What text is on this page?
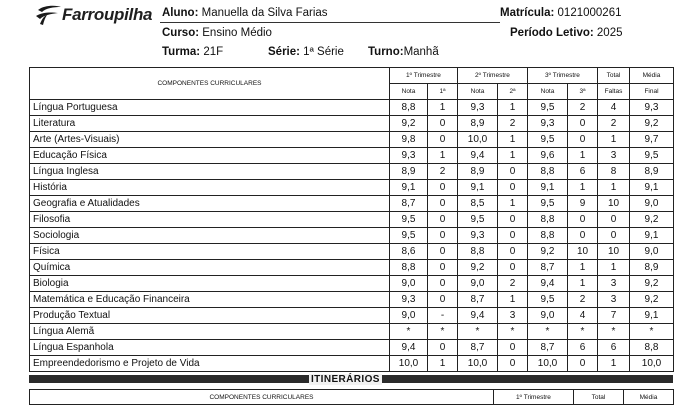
Farroupilha Aluno: Manuella da Silva Farias	Matrícula: 0121000261
Curso: Ensino Médio	Período Letivo: 2025
Turma: 21F	Série: 1ª Série Turno:Manhã
COMPONENTES CURRICULARES	1º Trimestre		2º Trimestre		3º Trimestre		Total	Média
	Nota	1ª	Nota	2ª	Nota	3ª	Faltas	Final
Língua Portuguesa	8,8	1	9,3	1	9,5	2	4	9,3
Literatura	9,2	0	8,9	2	9,3	0	2	9,2
Arte (Artes-Visuais)	9,8	0	10,0	1	9,5	0	1	9,7
Educação Física	9,3	1	9,4	1	9,6	1	3	9,5
Língua Inglesa	8,9	2	8,9	0	8,8	6	8	8,9
História	9,1	0	9,1	0	9,1	1	1	9,1
Geografia e Atualidades	8,7	0	8,5	1	9,5	9	10	9,0
Filosofia	9,5	0	9,5	0	8,8	0	0	9,2
Sociologia	9,5	0	9,3	0	8,8	0	0	9,1
Física	8,6	0	8,8	0	9,2	10	10	9,0
Química	8,8	0	9,2	0	8,7	1	1	8,9
Biologia	9,0	0	9,0	2	9,4	1	3	9,2
Matemática e Educação Financeira	9,3	0	8,7	1	9,5	2	3	9,2
Produção Textual	9,0	-	9,4	3	9,0	4	7	9,1
Língua Alemã	*	*	*	*	*	*	*	*
Língua Espanhola	9,4	0	8,7	0	8,7	6	6	8,8
Empreendedorismo e Projeto de Vida	10,0	1	10,0	0	10,0	0	1	10,0
ITINERÁRIOS
COMPONENTES CURRICULARES	1º Trimestre	Total	Média
